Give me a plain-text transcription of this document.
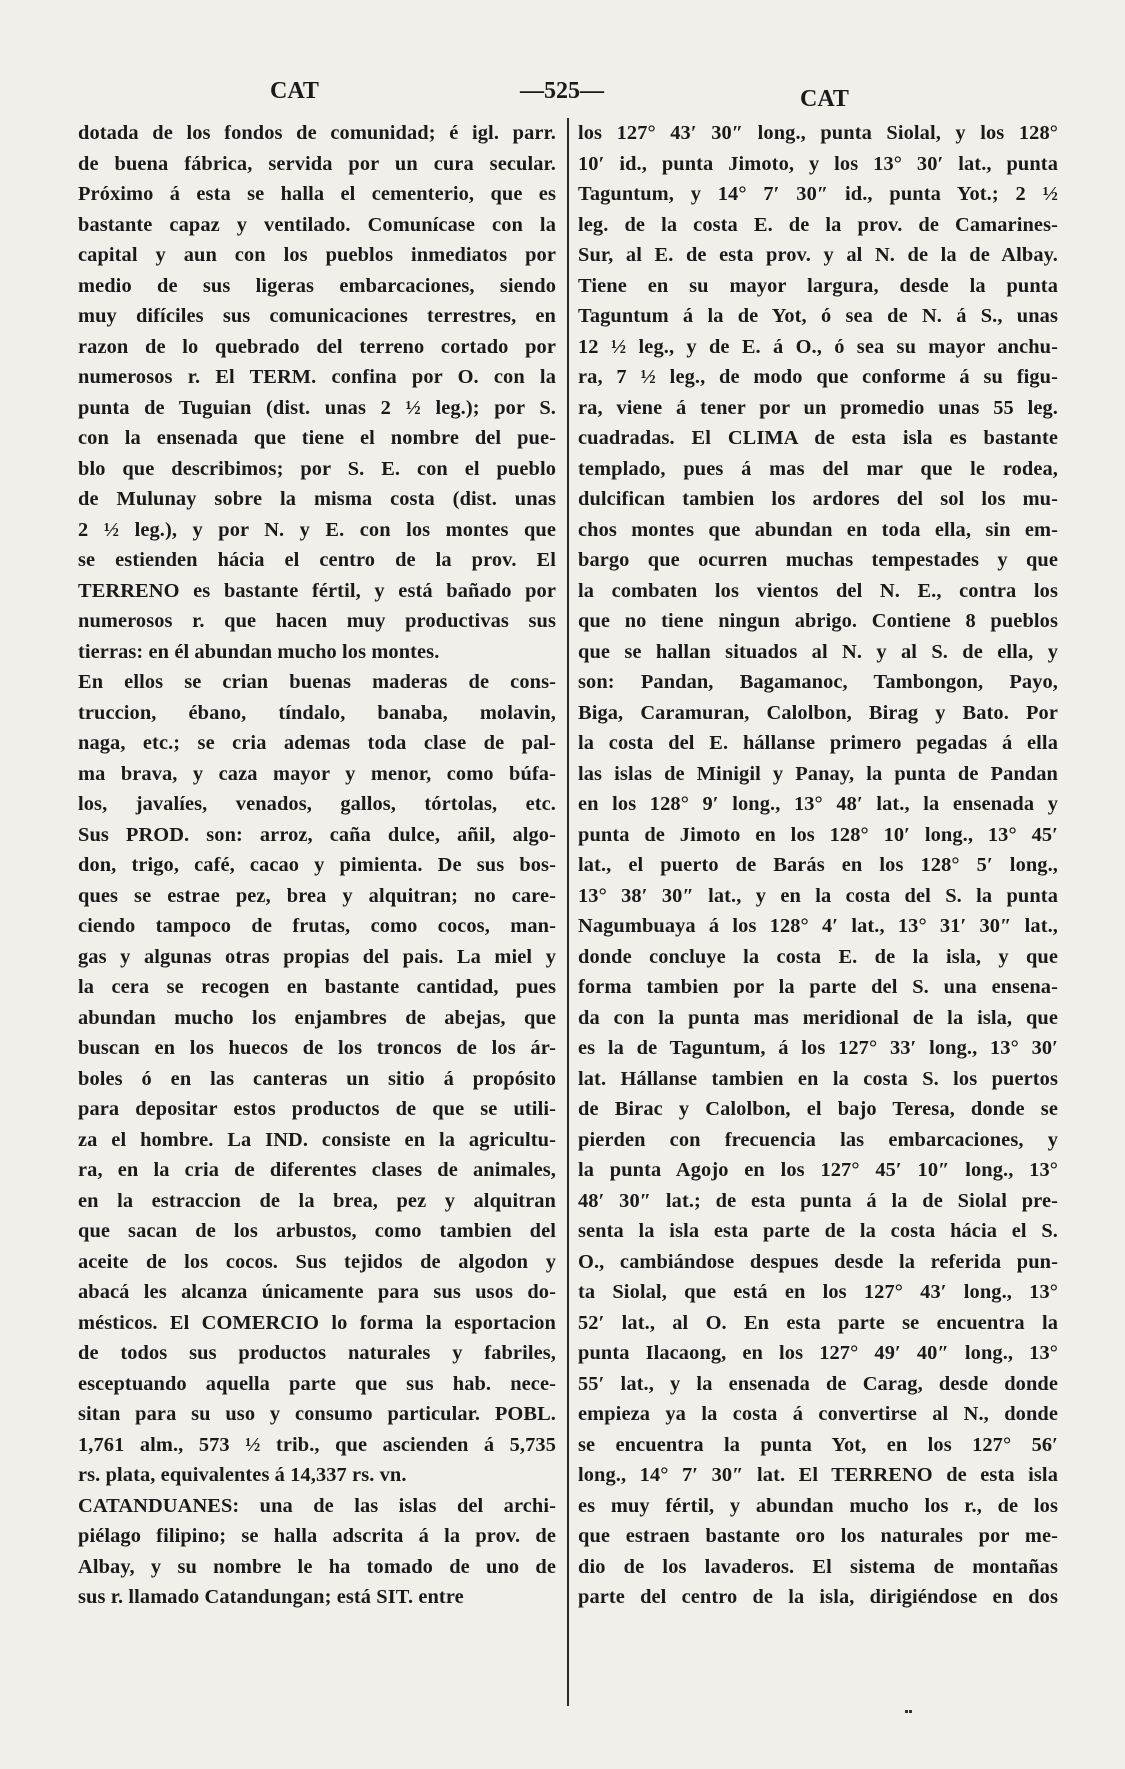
CAT	—525—	CAT
dotada de los fondos de comunidad; é igl. parr.
de buena fábrica, servida por un cura secular.
Próximo á esta se halla el cementerio, que es
bastante capaz y ventilado. Comunícase con la
capital y aun con los pueblos inmediatos por
medio de sus ligeras embarcaciones, siendo
muy difíciles sus comunicaciones terrestres, en
razon de lo quebrado del terreno cortado por
numerosos r. El TERM. confina por O. con la
punta de Tuguian (dist. unas 2 ½ leg.); por S.
con la ensenada que tiene el nombre del pue-
blo que describimos; por S. E. con el pueblo
de Mulunay sobre la misma costa (dist. unas
2 ½ leg.), y por N. y E. con los montes que
se estienden hácia el centro de la prov. El
TERRENO es bastante fértil, y está bañado por
numerosos r. que hacen muy productivas sus
tierras: en él abundan mucho los montes.
En ellos se crian buenas maderas de cons-
truccion, ébano, tíndalo, banaba, molavin,
naga, etc.; se cria ademas toda clase de pal-
ma brava, y caza mayor y menor, como búfa-
los, javalíes, venados, gallos, tórtolas, etc.
Sus PROD. son: arroz, caña dulce, añil, algo-
don, trigo, café, cacao y pimienta. De sus bos-
ques se estrae pez, brea y alquitran; no care-
ciendo tampoco de frutas, como cocos, man-
gas y algunas otras propias del pais. La miel y
la cera se recogen en bastante cantidad, pues
abundan mucho los enjambres de abejas, que
buscan en los huecos de los troncos de los ár-
boles ó en las canteras un sitio á propósito
para depositar estos productos de que se utili-
za el hombre. La IND. consiste en la agricultu-
ra, en la cria de diferentes clases de animales,
en la estraccion de la brea, pez y alquitran
que sacan de los arbustos, como tambien del
aceite de los cocos. Sus tejidos de algodon y
abacá les alcanza únicamente para sus usos do-
mésticos. El COMERCIO lo forma la esportacion
de todos sus productos naturales y fabriles,
esceptuando aquella parte que sus hab. nece-
sitan para su uso y consumo particular. POBL.
1,761 alm., 573 ½ trib., que ascienden á 5,735
rs. plata, equivalentes á 14,337 rs. vn.
CATANDUANES: una de las islas del archi-
piélago filipino; se halla adscrita á la prov. de
Albay, y su nombre le ha tomado de uno de
sus r. llamado Catandungan; está SIT. entre
los 127° 43′ 30″ long., punta Siolal, y los 128°
10′ id., punta Jimoto, y los 13° 30′ lat., punta
Taguntum, y 14° 7′ 30″ id., punta Yot.; 2 ½
leg. de la costa E. de la prov. de Camarines-
Sur, al E. de esta prov. y al N. de la de Albay.
Tiene en su mayor largura, desde la punta
Taguntum á la de Yot, ó sea de N. á S., unas
12 ½ leg., y de E. á O., ó sea su mayor anchu-
ra, 7 ½ leg., de modo que conforme á su figu-
ra, viene á tener por un promedio unas 55 leg.
cuadradas. El CLIMA de esta isla es bastante
templado, pues á mas del mar que le rodea,
dulcifican tambien los ardores del sol los mu-
chos montes que abundan en toda ella, sin em-
bargo que ocurren muchas tempestades y que
la combaten los vientos del N. E., contra los
que no tiene ningun abrigo. Contiene 8 pueblos
que se hallan situados al N. y al S. de ella, y
son: Pandan, Bagamanoc, Tambongon, Payo,
Biga, Caramuran, Calolbon, Birag y Bato. Por
la costa del E. hállanse primero pegadas á ella
las islas de Minigil y Panay, la punta de Pandan
en los 128° 9′ long., 13° 48′ lat., la ensenada y
punta de Jimoto en los 128° 10′ long., 13° 45′
lat., el puerto de Barás en los 128° 5′ long.,
13° 38′ 30″ lat., y en la costa del S. la punta
Nagumbuaya á los 128° 4′ lat., 13° 31′ 30″ lat.,
donde concluye la costa E. de la isla, y que
forma tambien por la parte del S. una ensena-
da con la punta mas meridional de la isla, que
es la de Taguntum, á los 127° 33′ long., 13° 30′
lat. Hállanse tambien en la costa S. los puertos
de Birac y Calolbon, el bajo Teresa, donde se
pierden con frecuencia las embarcaciones, y
la punta Agojo en los 127° 45′ 10″ long., 13°
48′ 30″ lat.; de esta punta á la de Siolal pre-
senta la isla esta parte de la costa hácia el S.
O., cambiándose despues desde la referida pun-
ta Siolal, que está en los 127° 43′ long., 13°
52′ lat., al O. En esta parte se encuentra la
punta Ilacaong, en los 127° 49′ 40″ long., 13°
55′ lat., y la ensenada de Carag, desde donde
empieza ya la costa á convertirse al N., donde
se encuentra la punta Yot, en los 127° 56′
long., 14° 7′ 30″ lat. El TERRENO de esta isla
es muy fértil, y abundan mucho los r., de los
que estraen bastante oro los naturales por me-
dio de los lavaderos. El sistema de montañas
parte del centro de la isla, dirigiéndose en dos
